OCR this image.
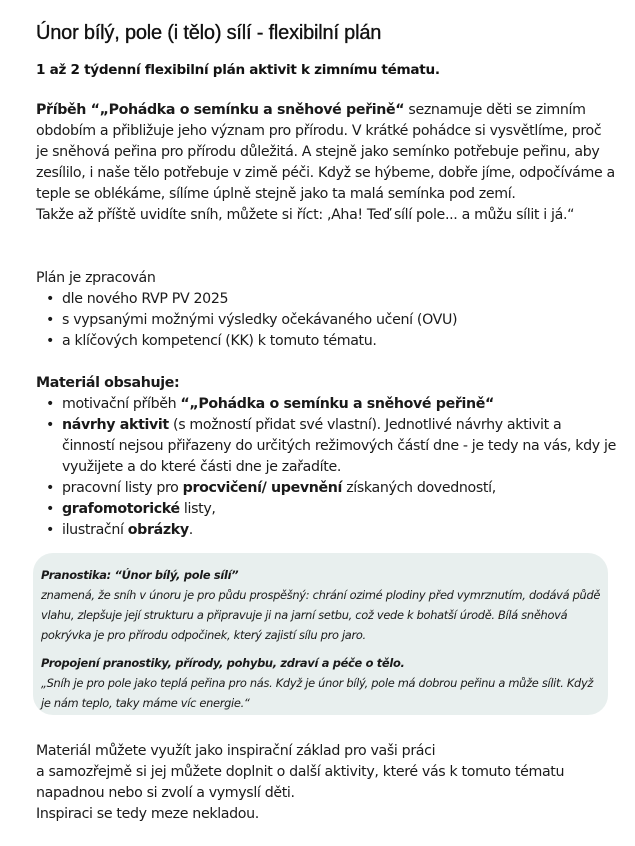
Únor bílý, pole (i tělo) sílí - flexibilní plán
1 až 2 týdenní flexibilní plán aktivit k zimnímu tématu.
Příběh “„Pohádka o semínku a sněhové peřině“ seznamuje děti se zimním obdobím a přibližuje jeho význam pro přírodu. V krátké pohádce si vysvětlíme, proč je sněhová peřina pro přírodu důležitá. A stejně jako semínko potřebuje peřinu, aby zesílilo, i naše tělo potřebuje v zimě péči. Když se hýbeme, dobře jíme, odpočíváme a teple se oblékáme, sílíme úplně stejně jako ta malá semínka pod zemí.
Takže až příště uvidíte sníh, můžete si říct: ‚Aha! Teď sílí pole... a můžu sílit i já.“
Plán je zpracován
• dle nového RVP PV 2025
• s vypsanými možnými výsledky očekávaného učení (OVU)
• a klíčových kompetencí (KK) k tomuto tématu.
Materiál obsahuje:
• motivační příběh “„Pohádka o semínku a sněhové peřině“
• návrhy aktivit (s možností přidat své vlastní). Jednotlivé návrhy aktivit a činností nejsou přiřazeny do určitých režimových částí dne - je tedy na vás, kdy je využijete a do které části dne je zařadíte.
• pracovní listy pro procvičení/ upevnění získaných dovedností,
• grafomotorické listy,
• ilustrační obrázky.
Materiál můžete využít jako inspirační základ pro vaši práci
a samozřejmě si jej můžete doplnit o další aktivity, které vás k tomuto tématu napadnou nebo si zvolí a vymyslí děti.
Inspiraci se tedy meze nekladou.
Pranostika: “Únor bílý, pole sílí”
znamená, že sníh v únoru je pro půdu prospěšný: chrání ozimé plodiny před vymrznutím, dodává půdě vlahu, zlepšuje její strukturu a připravuje ji na jarní setbu, což vede k bohatší úrodě. Bílá sněhová pokrývka je pro přírodu odpočinek, který zajistí sílu pro jaro.
Propojení pranostiky, přírody, pohybu, zdraví a péče o tělo.
„Sníh je pro pole jako teplá peřina pro nás. Když je únor bílý, pole má dobrou peřinu a může sílit. Když je nám teplo, taky máme víc energie.“
